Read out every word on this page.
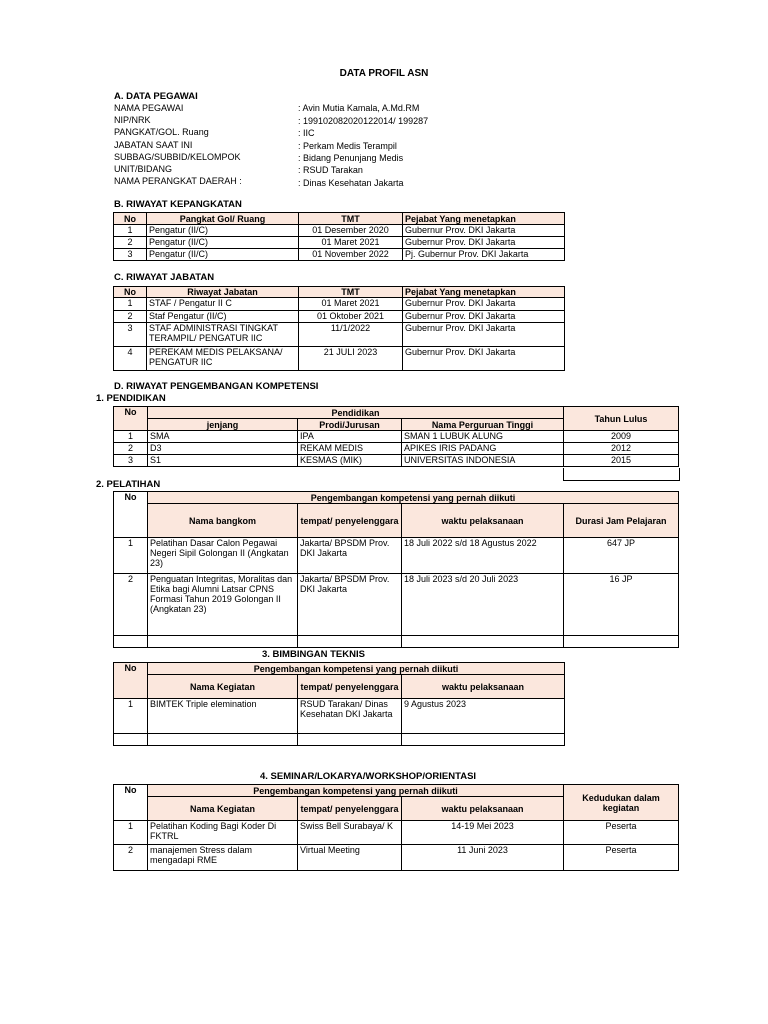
DATA PROFIL ASN
A. DATA PEGAWAI
NAMA PEGAWAI	: Avin Mutia Kamala, A.Md.RM
NIP/NRK	: 199102082020122014/ 199287
PANGKAT/GOL. Ruang	: IIC
JABATAN SAAT INI	: Perkam Medis Terampil
SUBBAG/SUBBID/KELOMPOK	: Bidang Penunjang Medis
UNIT/BIDANG	: RSUD Tarakan
NAMA PERANGKAT DAERAH :	: Dinas Kesehatan Jakarta
B. RIWAYAT KEPANGKATAN
No	Pangkat Gol/ Ruang	TMT	Pejabat Yang menetapkan
1	Pengatur (II/C)	01 Desember 2020	Gubernur Prov. DKI Jakarta
2	Pengatur (II/C)	01 Maret 2021	Gubernur Prov. DKI Jakarta
3	Pengatur (II/C)	01 November 2022	Pj. Gubernur Prov. DKI Jakarta
C. RIWAYAT JABATAN
No	Riwayat Jabatan	TMT	Pejabat Yang menetapkan
1	STAF / Pengatur II C	01 Maret 2021	Gubernur Prov. DKI Jakarta
2	Staf Pengatur (II/C)	01 Oktober 2021	Gubernur Prov. DKI Jakarta
3	STAF ADMINISTRASI TINGKAT TERAMPIL/ PENGATUR IIC	11/1/2022	Gubernur Prov. DKI Jakarta
4	PEREKAM MEDIS PELAKSANA/ PENGATUR IIC	21 JULI 2023	Gubernur Prov. DKI Jakarta
D. RIWAYAT PENGEMBANGAN KOMPETENSI
1. PENDIDIKAN
No	Pendidikan			Tahun Lulus
	jenjang	Prodi/Jurusan	Nama Perguruan Tinggi	
1	SMA	IPA	SMAN 1 LUBUK ALUNG	2009
2	D3	REKAM MEDIS	APIKES IRIS PADANG	2012
3	S1	KESMAS (MIK)	UNIVERSITAS INDONESIA	2015
2. PELATIHAN
No	Pengembangan kompetensi yang pernah diikuti			
	Nama bangkom	tempat/ penyelenggara	waktu pelaksanaan	Durasi Jam Pelajaran
1	Pelatihan Dasar Calon Pegawai Negeri Sipil Golongan II (Angkatan 23)	Jakarta/ BPSDM Prov. DKI Jakarta	18 Juli 2022 s/d 18 Agustus 2022	647 JP
2	Penguatan Integritas, Moralitas dan Etika bagi Alumni Latsar CPNS Formasi Tahun 2019 Golongan II (Angkatan 23)	Jakarta/ BPSDM Prov. DKI Jakarta	18 Juli 2023 s/d 20 Juli 2023	16 JP

3. BIMBINGAN TEKNIS
No	Pengembangan kompetensi yang pernah diikuti		
	Nama Kegiatan	tempat/ penyelenggara	waktu pelaksanaan
1	BIMTEK Triple elemination	RSUD Tarakan/ Dinas Kesehatan DKI Jakarta	9 Agustus 2023

4. SEMINAR/LOKARYA/WORKSHOP/ORIENTASI
No	Pengembangan kompetensi yang pernah diikuti			Kedudukan dalam kegiatan
	Nama Kegiatan	tempat/ penyelenggara	waktu pelaksanaan	
1	Pelatihan Koding Bagi Koder Di FKTRL	Swiss Bell Surabaya/ K	14-19 Mei 2023	Peserta
2	manajemen Stress dalam mengadapi RME	Virtual Meeting	11 Juni 2023	Peserta
